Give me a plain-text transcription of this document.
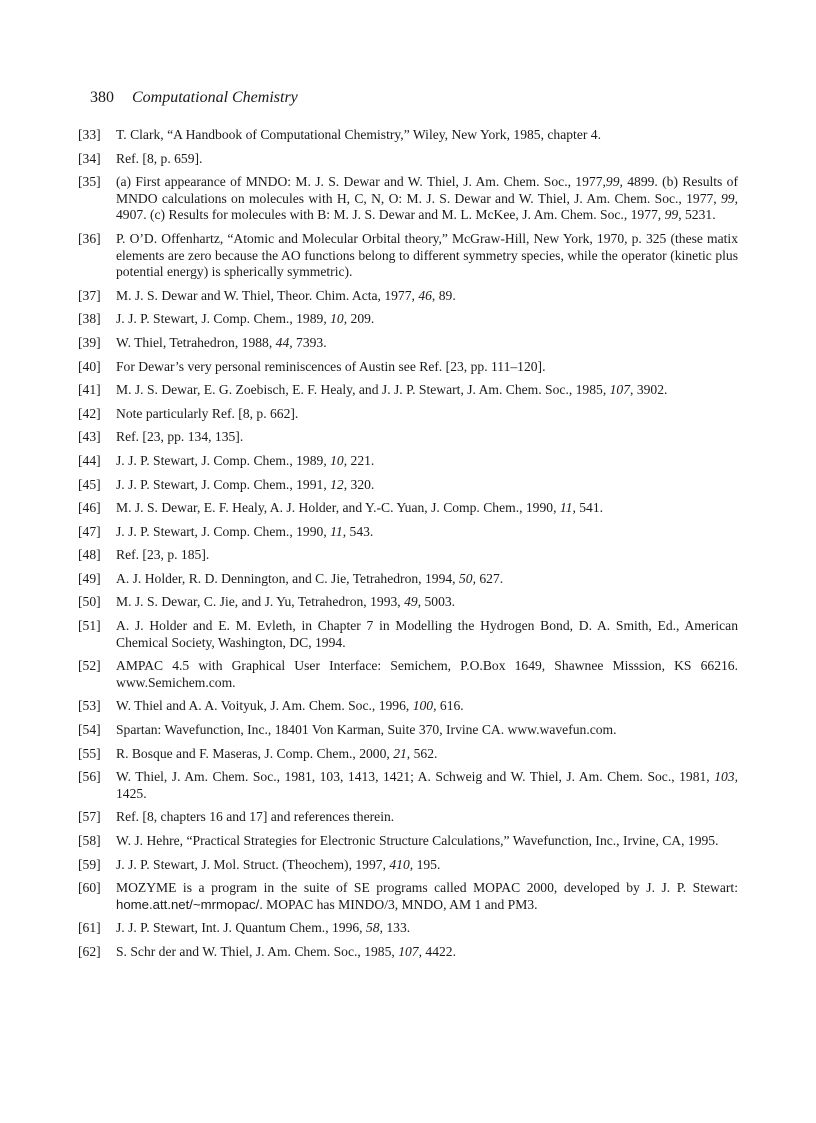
380 Computational Chemistry
[33] T. Clark, “A Handbook of Computational Chemistry,” Wiley, New York, 1985, chapter 4.
[34] Ref. [8, p. 659].
[35] (a) First appearance of MNDO: M. J. S. Dewar and W. Thiel, J. Am. Chem. Soc., 1977,99, 4899. (b) Results of MNDO calculations on molecules with H, C, N, O: M. J. S. Dewar and W. Thiel, J. Am. Chem. Soc., 1977, 99, 4907. (c) Results for molecules with B: M. J. S. Dewar and M. L. McKee, J. Am. Chem. Soc., 1977, 99, 5231.
[36] P. O’D. Offenhartz, “Atomic and Molecular Orbital theory,” McGraw-Hill, New York, 1970, p. 325 (these matix elements are zero because the AO functions belong to different symmetry species, while the operator (kinetic plus potential energy) is spherically symmetric).
[37] M. J. S. Dewar and W. Thiel, Theor. Chim. Acta, 1977, 46, 89.
[38] J. J. P. Stewart, J. Comp. Chem., 1989, 10, 209.
[39] W. Thiel, Tetrahedron, 1988, 44, 7393.
[40] For Dewar’s very personal reminiscences of Austin see Ref. [23, pp. 111–120].
[41] M. J. S. Dewar, E. G. Zoebisch, E. F. Healy, and J. J. P. Stewart, J. Am. Chem. Soc., 1985, 107, 3902.
[42] Note particularly Ref. [8, p. 662].
[43] Ref. [23, pp. 134, 135].
[44] J. J. P. Stewart, J. Comp. Chem., 1989, 10, 221.
[45] J. J. P. Stewart, J. Comp. Chem., 1991, 12, 320.
[46] M. J. S. Dewar, E. F. Healy, A. J. Holder, and Y.-C. Yuan, J. Comp. Chem., 1990, 11, 541.
[47] J. J. P. Stewart, J. Comp. Chem., 1990, 11, 543.
[48] Ref. [23, p. 185].
[49] A. J. Holder, R. D. Dennington, and C. Jie, Tetrahedron, 1994, 50, 627.
[50] M. J. S. Dewar, C. Jie, and J. Yu, Tetrahedron, 1993, 49, 5003.
[51] A. J. Holder and E. M. Evleth, in Chapter 7 in Modelling the Hydrogen Bond, D. A. Smith, Ed., American Chemical Society, Washington, DC, 1994.
[52] AMPAC 4.5 with Graphical User Interface: Semichem, P.O.Box 1649, Shawnee Misssion, KS 66216. www.Semichem.com.
[53] W. Thiel and A. A. Voityuk, J. Am. Chem. Soc., 1996, 100, 616.
[54] Spartan: Wavefunction, Inc., 18401 Von Karman, Suite 370, Irvine CA. www.wavefun.com.
[55] R. Bosque and F. Maseras, J. Comp. Chem., 2000, 21, 562.
[56] W. Thiel, J. Am. Chem. Soc., 1981, 103, 1413, 1421; A. Schweig and W. Thiel, J. Am. Chem. Soc., 1981, 103, 1425.
[57] Ref. [8, chapters 16 and 17] and references therein.
[58] W. J. Hehre, “Practical Strategies for Electronic Structure Calculations,” Wavefunction, Inc., Irvine, CA, 1995.
[59] J. J. P. Stewart, J. Mol. Struct. (Theochem), 1997, 410, 195.
[60] MOZYME is a program in the suite of SE programs called MOPAC 2000, developed by J. J. P. Stewart: home.att.net/~mrmopac/. MOPAC has MINDO/3, MNDO, AM 1 and PM3.
[61] J. J. P. Stewart, Int. J. Quantum Chem., 1996, 58, 133.
[62] S. Schr der and W. Thiel, J. Am. Chem. Soc., 1985, 107, 4422.
